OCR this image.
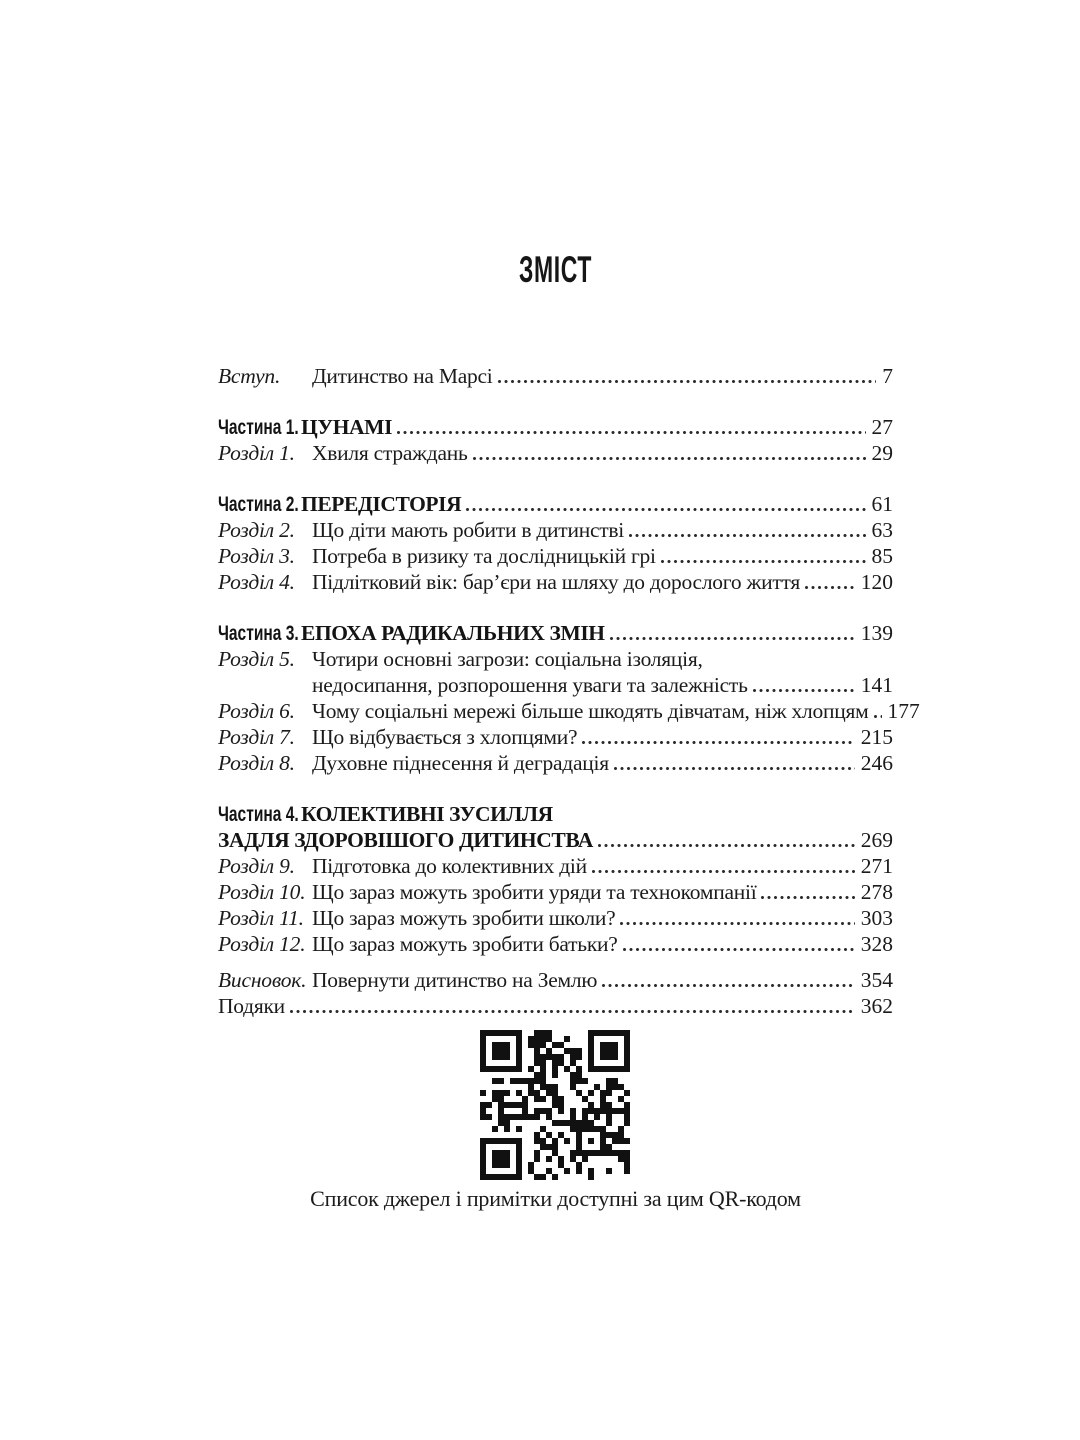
ЗМІСТ
Вступ.	Дитинство на Марсі	7
Частина 1. ЦУНАМІ	27
Розділ 1. Хвиля страждань	29
Частина 2. ПЕРЕДІСТОРІЯ	61
Розділ 2. Що діти мають робити в дитинстві	63
Розділ 3. Потреба в ризику та дослідницькій грі	85
Розділ 4. Підлітковий вік: бар’єри на шляху до дорослого життя	120
Частина 3. ЕПОХА РАДИКАЛЬНИХ ЗМІН	139
Розділ 5. Чотири основні загрози: соціальна ізоляція,
недосипання, розпорошення уваги та залежність	141
Розділ 6. Чому соціальні мережі більше шкодять дівчатам, ніж хлопцям 177
Розділ 7. Що відбувається з хлопцями?	215
Розділ 8. Духовне піднесення й деградація	246
Частина 4. КОЛЕКТИВНІ ЗУСИЛЛЯ
ЗАДЛЯ ЗДОРОВІШОГО ДИТИНСТВА	269
Розділ 9. Підготовка до колективних дій	271
Розділ 10. Що зараз можуть зробити уряди та технокомпанії	278
Розділ 11. Що зараз можуть зробити школи?	303
Розділ 12. Що зараз можуть зробити батьки?	328
Висновок. Повернути дитинство на Землю	354
Подяки	362
Список джерел і примітки доступні за цим QR-кодом
